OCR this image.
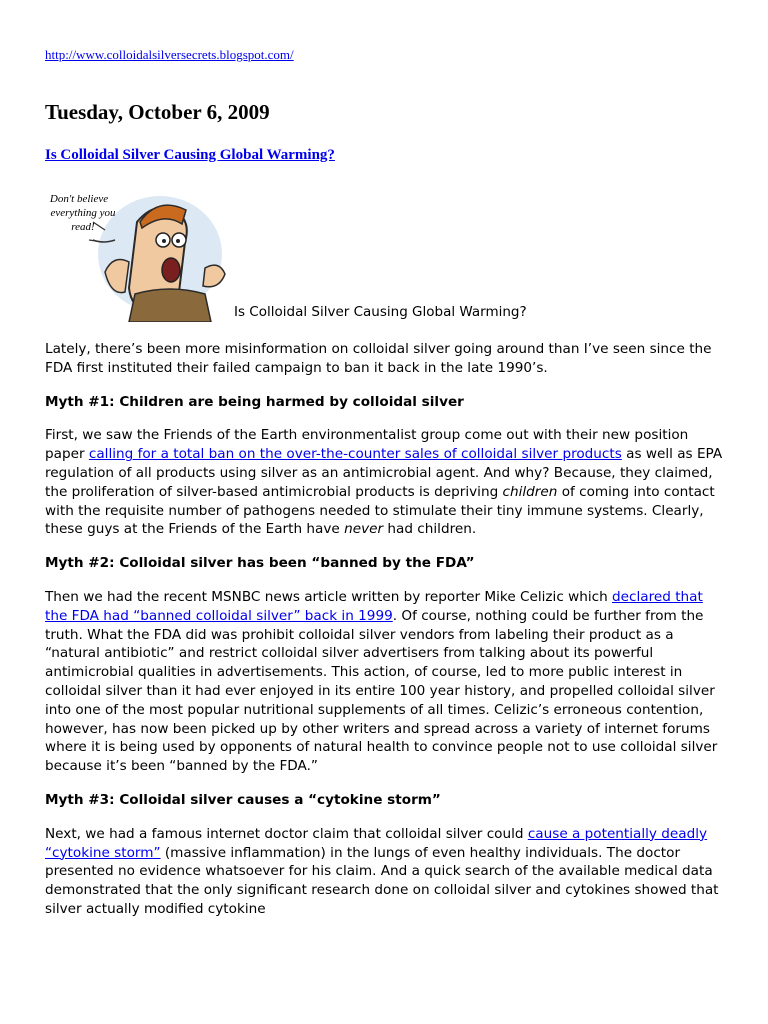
http://www.colloidalsilversecrets.blogspot.com/
Tuesday, October 6, 2009
Is Colloidal Silver Causing Global Warming?
Don't believe
everything you
read!
Is Colloidal Silver Causing Global Warming?

Lately, there’s been more misinformation on colloidal silver going around than I’ve seen since the FDA first instituted their failed campaign to ban it back in the late 1990’s.

Myth #1: Children are being harmed by colloidal silver

First, we saw the Friends of the Earth environmentalist group come out with their new position paper calling for a total ban on the over-the-counter sales of colloidal silver products as well as EPA regulation of all products using silver as an antimicrobial agent. And why? Because, they claimed, the proliferation of silver-based antimicrobial products is depriving children of coming into contact with the requisite number of pathogens needed to stimulate their tiny immune systems. Clearly, these guys at the Friends of the Earth have never had children.

Myth #2: Colloidal silver has been “banned by the FDA”

Then we had the recent MSNBC news article written by reporter Mike Celizic which declared that the FDA had “banned colloidal silver” back in 1999. Of course, nothing could be further from the truth. What the FDA did was prohibit colloidal silver vendors from labeling their product as a “natural antibiotic” and restrict colloidal silver advertisers from talking about its powerful antimicrobial qualities in advertisements. This action, of course, led to more public interest in colloidal silver than it had ever enjoyed in its entire 100 year history, and propelled colloidal silver into one of the most popular nutritional supplements of all times. Celizic’s erroneous contention, however, has now been picked up by other writers and spread across a variety of internet forums where it is being used by opponents of natural health to convince people not to use colloidal silver because it’s been “banned by the FDA.”

Myth #3: Colloidal silver causes a “cytokine storm”

Next, we had a famous internet doctor claim that colloidal silver could cause a potentially deadly “cytokine storm” (massive inflammation) in the lungs of even healthy individuals. The doctor presented no evidence whatsoever for his claim. And a quick search of the available medical data demonstrated that the only significant research done on colloidal silver and cytokines showed that silver actually modified cytokine
